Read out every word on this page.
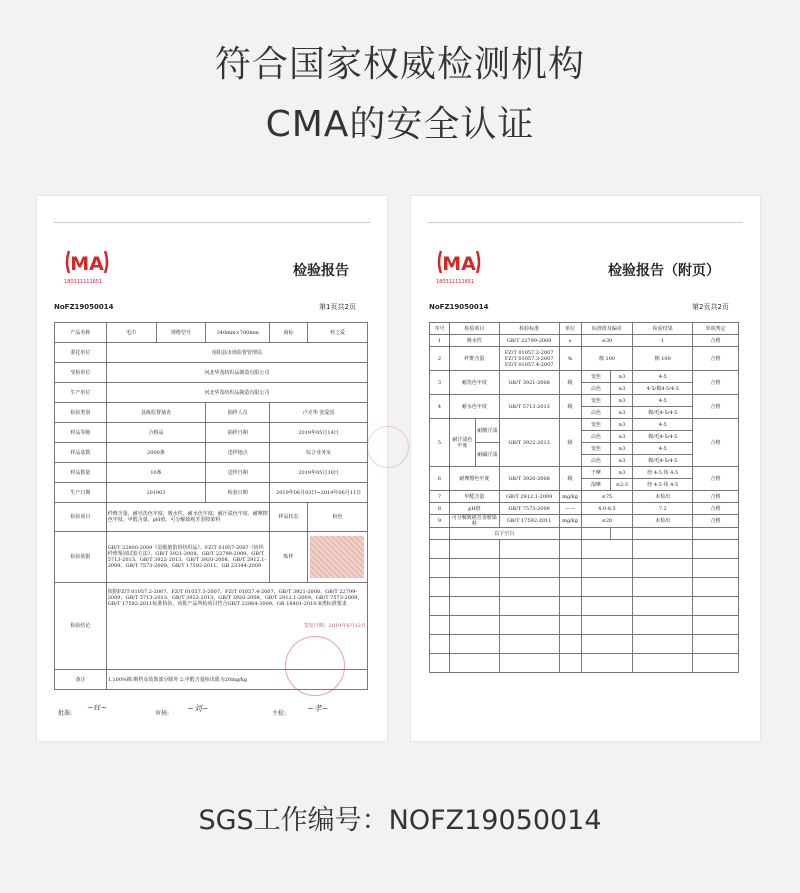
符合国家权威检测机构
CMA的安全认证
MA
180311111651
检验报告
NoFZ19050014	第1页共2页
产品名称	毛巾	规格型号	340mm×700mm	商标	梓之爱
委托单位	南阳县市场监督管理局				
受检单位	河北华茂纺织品制造有限公司				
生产单位	河北华茂纺织品制造有限公司				
检验类别	县级监督抽查		抽样人员	卢克华 张爱国	
样品等级	合格品		抽样日期	2019年05月14日	
样品基数	2000条		送样地点	综合业务室	
样品数量	10条		送样日期	2019年05月30日	
生产日期	201903		检验日期	2019年06月03日~2019年06月11日	
检验项目	纤维含量、耐皂洗色牢度、吸水性、耐水色牢度、耐汗渍色牢度、耐摩擦色牢度、甲醛含量、pH值、可分解致癌芳香胺染料			样品状态	粉色
检验依据	GB/T 22800-2009《星级旅馆用纺织品》、FZ/T 01057-2007《纺织纤维鉴别试验方法》、GB/T 3921-2008、GB/T 22799-2009、GB/T 5713-2013、GB/T 3922-2013、GB/T 3920-2008、GB/T 2912.1-2009、GB/T 7573-2009、GB/T 17592-2011、GB 23344-2009			贴样	

检验结论	依据FZ/T 01057.2-2007、FZ/T 01057.3-2007、FZ/T 01057.4-2007、GB/T 3921-2008、GB/T 22799-2009、GB/T 5713-2013、GB/T 3922-2013、GB/T 3920-2008、GB/T 2912.1-2009、GB/T 7573-2009、GB/T 17592-2011标准检验，该批产品所检项目符合GB/T 22864-2009、GB 18401-2010 B类标准要求
签发日期：2019年6月12日				

备注	1.100%棉 断档及装饰部分除外 2.甲醛含量检出限为20mg/kg				
批准:
~ℓℓ~
审核:
~刘~
主检:
~孝~
MA
180311111651
检验报告（附页）
NoFZ19050014	第2页共2页
序号	检验项目		检验标准	单位	标准值及偏差		检验结果	单项判定
1	吸水性		GB/T 22799-2009	s	≤30		1	合格
2	纤维含量		FZ/T 01057.2-2007 FZ/T 01057.3-2007 FZ/T 01057.4-2007	%	棉 100		棉 100	合格
3	耐洗色牢度		GB/T 3921-2008	级	变色	≥3	4-5	合格
					沾色	≥3	4-5/棉4-5/4-5	
4	耐水色牢度		GB/T 5713-2013	级	变色	≥3	4-5	合格
					沾色	≥3	棉/毛4-5/4-5	
5	耐汗渍色牢度	耐酸汗渍	GB/T 3922-2013	级	变色	≥3	4-5	合格
					沾色	≥3	棉/毛4-5/4-5	
		耐碱汗渍			变色	≥3	4-5	
					沾色	≥3	棉/毛4-5/4-5	
6	耐摩擦色牢度		GB/T 3920-2008	级	干摩	≥3	经 4-5 纬 4-5	合格
					湿摩	≥2-3	经 4-5 纬 4-5	
7	甲醛含量		GB/T 2912.1-2009	mg/kg	≤75		未检出	合格
8	pH值		GB/T 7573-2009	——	4.0-8.5		7.2	合格
9	可分解致癌芳香胺染料		GB/T 17592-2011	mg/kg	≤20		未检出	合格
	以下空白							

SGS工作编号：NOFZ19050014
